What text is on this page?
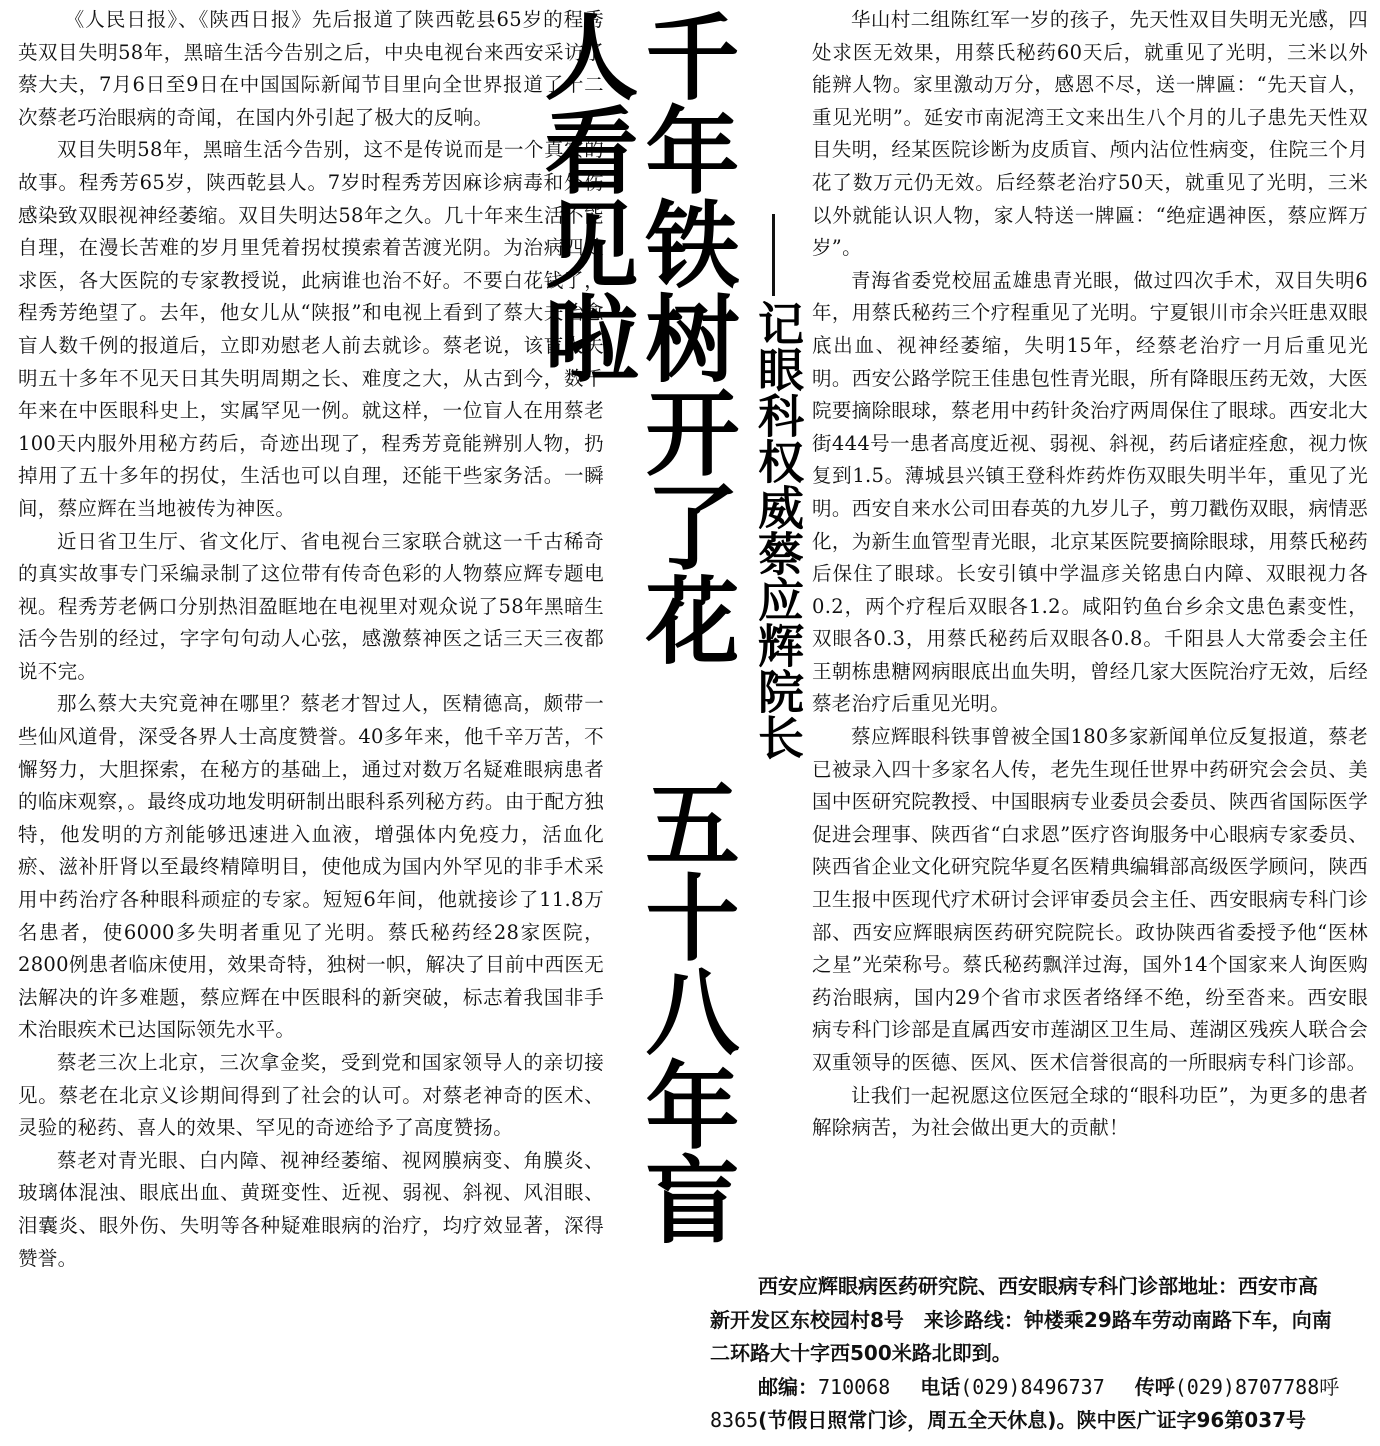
《人民日报》、《陕西日报》先后报道了陕西乾县65岁的程秀英双目失明58年，黑暗生活今告别之后，中央电视台来西安采访了蔡大夫，7月6日至9日在中国国际新闻节目里向全世界报道了十二次蔡老巧治眼病的奇闻，在国内外引起了极大的反响。

双目失明58年，黑暗生活今告别，这不是传说而是一个真实的故事。程秀芳65岁，陕西乾县人。7岁时程秀芳因麻诊病毒和外伤感染致双眼视神经萎缩。双目失明达58年之久。几十年来生活不能自理，在漫长苦难的岁月里凭着拐杖摸索着苦渡光阴。为治病四处求医，各大医院的专家教授说，此病谁也治不好。不要白花钱了，程秀芳绝望了。去年，他女儿从“陕报”和电视上看到了蔡大夫治愈盲人数千例的报道后，立即劝慰老人前去就诊。蔡老说，该盲人失明五十多年不见天日其失明周期之长、难度之大，从古到今，数千年来在中医眼科史上，实属罕见一例。就这样，一位盲人在用蔡老100天内服外用秘方药后，奇迹出现了，程秀芳竟能辨别人物，扔掉用了五十多年的拐仗，生活也可以自理，还能干些家务活。一瞬间，蔡应辉在当地被传为神医。

近日省卫生厅、省文化厅、省电视台三家联合就这一千古稀奇的真实故事专门采编录制了这位带有传奇色彩的人物蔡应辉专题电视。程秀芳老俩口分别热泪盈眶地在电视里对观众说了58年黑暗生活今告别的经过，字字句句动人心弦，感激蔡神医之话三天三夜都说不完。

那么蔡大夫究竟神在哪里？蔡老才智过人，医精德高，颇带一些仙风道骨，深受各界人士高度赞誉。40多年来，他千辛万苦，不懈努力，大胆探索，在秘方的基础上，通过对数万名疑难眼病患者的临床观察，。最终成功地发明研制出眼科系列秘方药。由于配方独特，他发明的方剂能够迅速进入血液，增强体内免疫力，活血化瘀、滋补肝肾以至最终精障明目，使他成为国内外罕见的非手术采用中药治疗各种眼科顽症的专家。短短6年间，他就接诊了11.8万名患者，使6000多失明者重见了光明。蔡氏秘药经28家医院，2800例患者临床使用，效果奇特，独树一帜，解决了目前中西医无法解决的许多难题，蔡应辉在中医眼科的新突破，标志着我国非手术治眼疾术已达国际领先水平。

蔡老三次上北京，三次拿金奖，受到党和国家领导人的亲切接见。蔡老在北京义诊期间得到了社会的认可。对蔡老神奇的医术、灵验的秘药、喜人的效果、罕见的奇迹给予了高度赞扬。

蔡老对青光眼、白内障、视神经萎缩、视网膜病变、角膜炎、玻璃体混浊、眼底出血、黄斑变性、近视、弱视、斜视、风泪眼、泪囊炎、眼外伤、失明等各种疑难眼病的治疗，均疗效显著，深得赞誉。

千年铁树开了花 五十八年盲人看见啦
记眼科权威蔡应辉院长

华山村二组陈红军一岁的孩子，先天性双目失明无光感，四处求医无效果，用蔡氏秘药60天后，就重见了光明，三米以外能辨人物。家里激动万分，感恩不尽，送一牌匾：“先天盲人，重见光明”。延安市南泥湾王文来出生八个月的儿子患先天性双目失明，经某医院诊断为皮质盲、颅内沾位性病变，住院三个月花了数万元仍无效。后经蔡老治疗50天，就重见了光明，三米以外就能认识人物，家人特送一牌匾：“绝症遇神医，蔡应辉万岁”。

青海省委党校屈孟雄患青光眼，做过四次手术，双目失明6年，用蔡氏秘药三个疗程重见了光明。宁夏银川市余兴旺患双眼底出血、视神经萎缩，失明15年，经蔡老治疗一月后重见光明。西安公路学院王佳患包性青光眼，所有降眼压药无效，大医院要摘除眼球，蔡老用中药针灸治疗两周保住了眼球。西安北大街444号一患者高度近视、弱视、斜视，药后诸症痊愈，视力恢复到1.5。薄城县兴镇王登科炸药炸伤双眼失明半年，重见了光明。西安自来水公司田春英的九岁儿子，剪刀戳伤双眼，病情恶化，为新生血管型青光眼，北京某医院要摘除眼球，用蔡氏秘药后保住了眼球。长安引镇中学温彦关铭患白内障、双眼视力各0.2，两个疗程后双眼各1.2。咸阳钓鱼台乡余文患色素变性，双眼各0.3，用蔡氏秘药后双眼各0.8。千阳县人大常委会主任王朝栋患糖网病眼底出血失明，曾经几家大医院治疗无效，后经蔡老治疗后重见光明。

蔡应辉眼科铁事曾被全国180多家新闻单位反复报道，蔡老已被录入四十多家名人传，老先生现任世界中药研究会会员、美国中医研究院教授、中国眼病专业委员会委员、陕西省国际医学促进会理事、陕西省“白求恩”医疗咨询服务中心眼病专家委员、陕西省企业文化研究院华夏名医精典编辑部高级医学顾问，陕西卫生报中医现代疗术研讨会评审委员会主任、西安眼病专科门诊部、西安应辉眼病医药研究院院长。政协陕西省委授予他“医林之星”光荣称号。蔡氏秘药飘洋过海，国外14个国家来人询医购药治眼病，国内29个省市求医者络绎不绝，纷至沓来。西安眼病专科门诊部是直属西安市莲湖区卫生局、莲湖区残疾人联合会双重领导的医德、医风、医术信誉很高的一所眼病专科门诊部。

让我们一起祝愿这位医冠全球的“眼科功臣”，为更多的患者解除病苦，为社会做出更大的贡献！

西安应辉眼病医药研究院、西安眼病专科门诊部地址：西安市高
新开发区东校园村8号　来诊路线：钟楼乘29路车劳动南路下车，向南
二环路大十字西500米路北即到。
邮编：710068 电话(029)8496737 传呼(029)8707788呼
8365(节假日照常门诊，周五全天休息)。陕中医广证字96第037号
